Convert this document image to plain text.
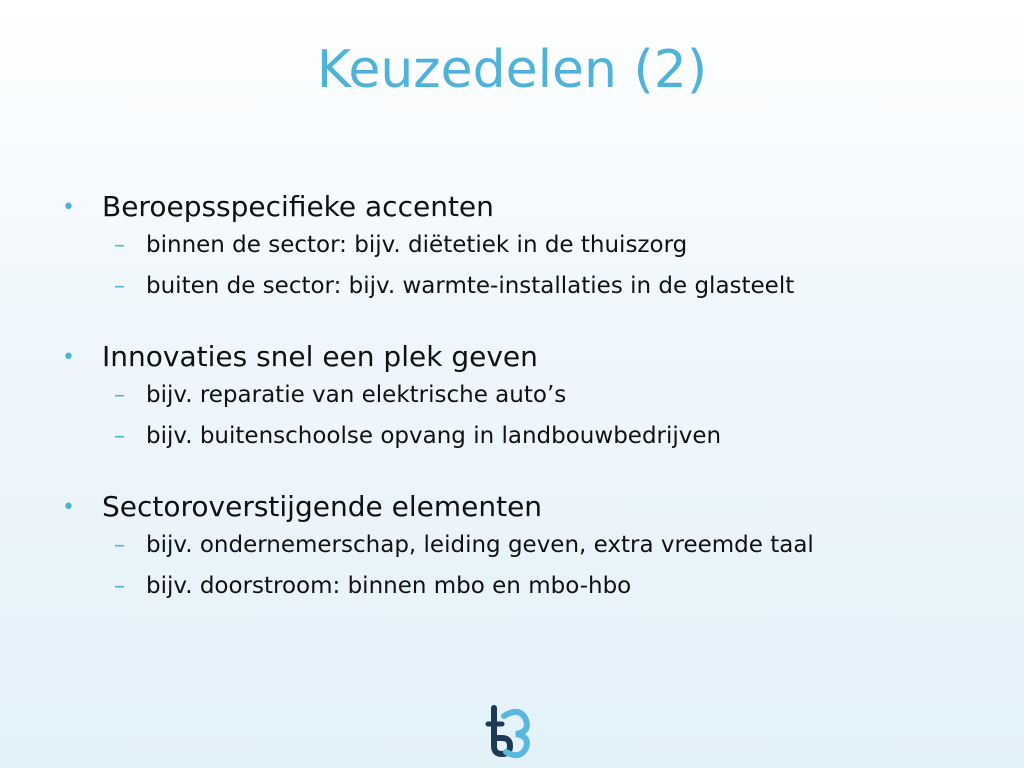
Keuzedelen (2)
• Beroepsspecifieke accenten
– binnen de sector: bijv. diëtetiek in de thuiszorg
– buiten de sector: bijv. warmte-installaties in de glasteelt
• Innovaties snel een plek geven
– bijv. reparatie van elektrische auto’s
– bijv. buitenschoolse opvang in landbouwbedrijven
• Sectoroverstijgende elementen
– bijv. ondernemerschap, leiding geven, extra vreemde taal
– bijv. doorstroom: binnen mbo en mbo-hbo
